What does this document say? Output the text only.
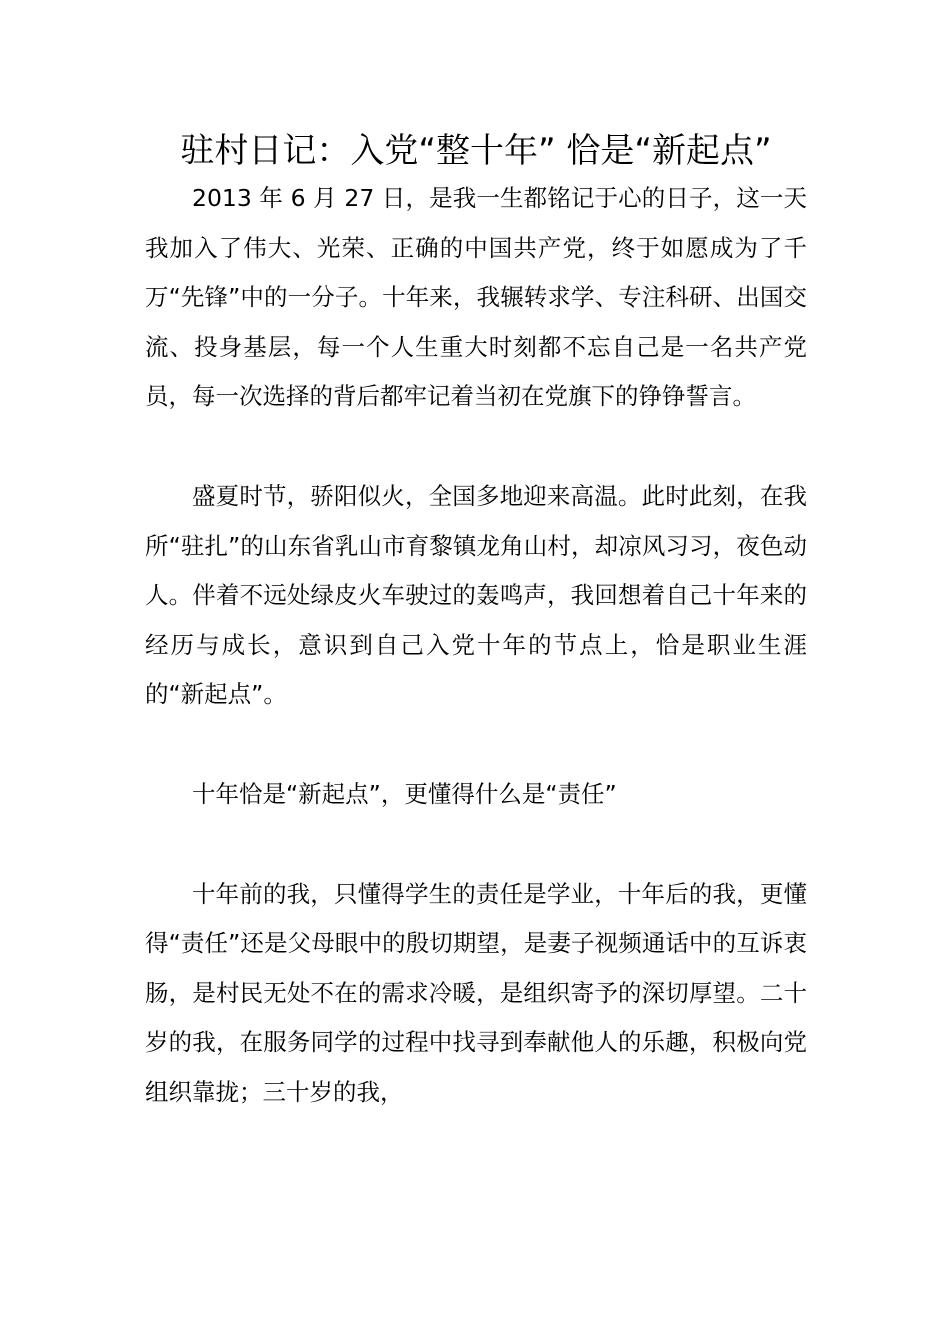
驻村日记：入党“整十年” 恰是“新起点”

2013 年 6 月 27 日，是我一生都铭记于心的日子，这一天我加入了伟大、光荣、正确的中国共产党，终于如愿成为了千万“先锋”中的一分子。十年来，我辗转求学、专注科研、出国交流、投身基层，每一个人生重大时刻都不忘自己是一名共产党员，每一次选择的背后都牢记着当初在党旗下的铮铮誓言。

盛夏时节，骄阳似火，全国多地迎来高温。此时此刻，在我所“驻扎”的山东省乳山市育黎镇龙角山村，却凉风习习，夜色动人。伴着不远处绿皮火车驶过的轰鸣声，我回想着自己十年来的经历与成长，意识到自己入党十年的节点上，恰是职业生涯的“新起点”。

十年恰是“新起点”，更懂得什么是“责任”

十年前的我，只懂得学生的责任是学业，十年后的我，更懂得“责任”还是父母眼中的殷切期望，是妻子视频通话中的互诉衷肠，是村民无处不在的需求冷暖，是组织寄予的深切厚望。二十岁的我，在服务同学的过程中找寻到奉献他人的乐趣，积极向党组织靠拢；三十岁的我，
